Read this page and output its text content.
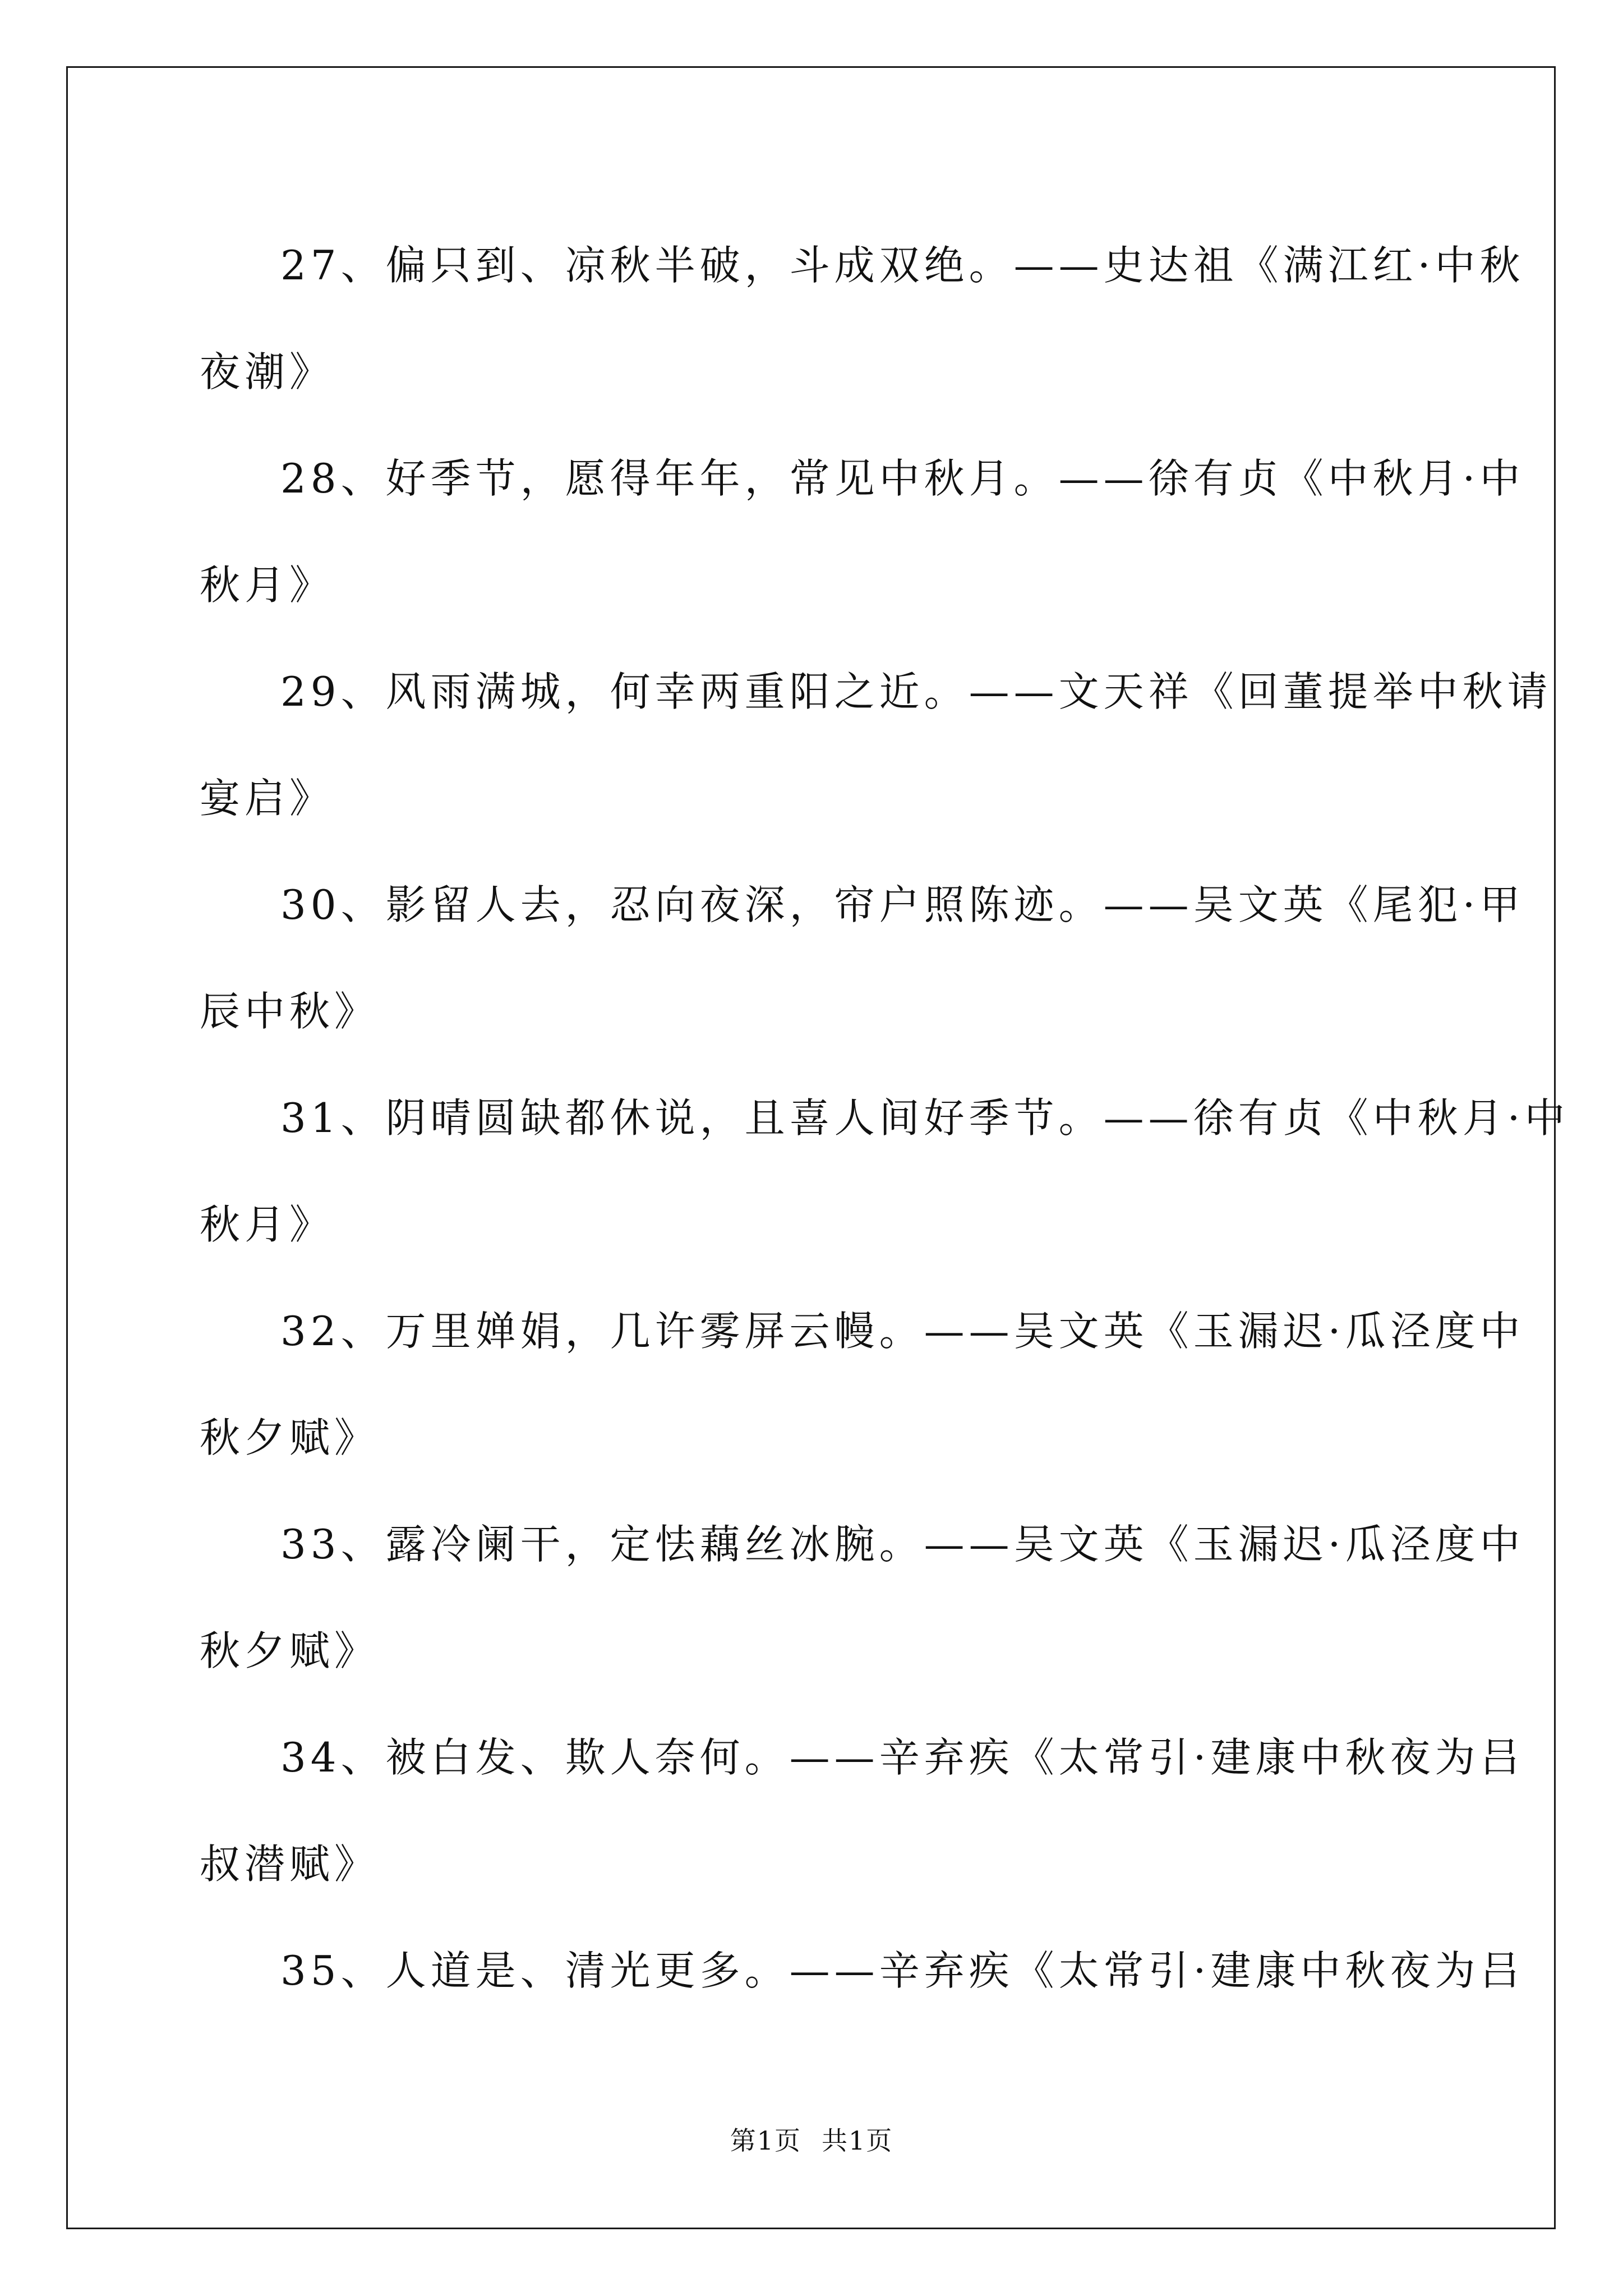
27、偏只到、凉秋半破，斗成双绝。——史达祖《满江红·中秋
夜潮》
28、好季节，愿得年年，常见中秋月。——徐有贞《中秋月·中
秋月》
29、风雨满城，何幸两重阳之近。——文天祥《回董提举中秋请
宴启》
30、影留人去，忍向夜深，帘户照陈迹。——吴文英《尾犯·甲
辰中秋》
31、阴晴圆缺都休说，且喜人间好季节。——徐有贞《中秋月·中
秋月》
32、万里婵娟，几许雾屏云幔。——吴文英《玉漏迟·瓜泾度中
秋夕赋》
33、露冷阑干，定怯藕丝冰腕。——吴文英《玉漏迟·瓜泾度中
秋夕赋》
34、被白发、欺人奈何。——辛弃疾《太常引·建康中秋夜为吕
叔潜赋》
35、人道是、清光更多。——辛弃疾《太常引·建康中秋夜为吕
第1页 共1页
